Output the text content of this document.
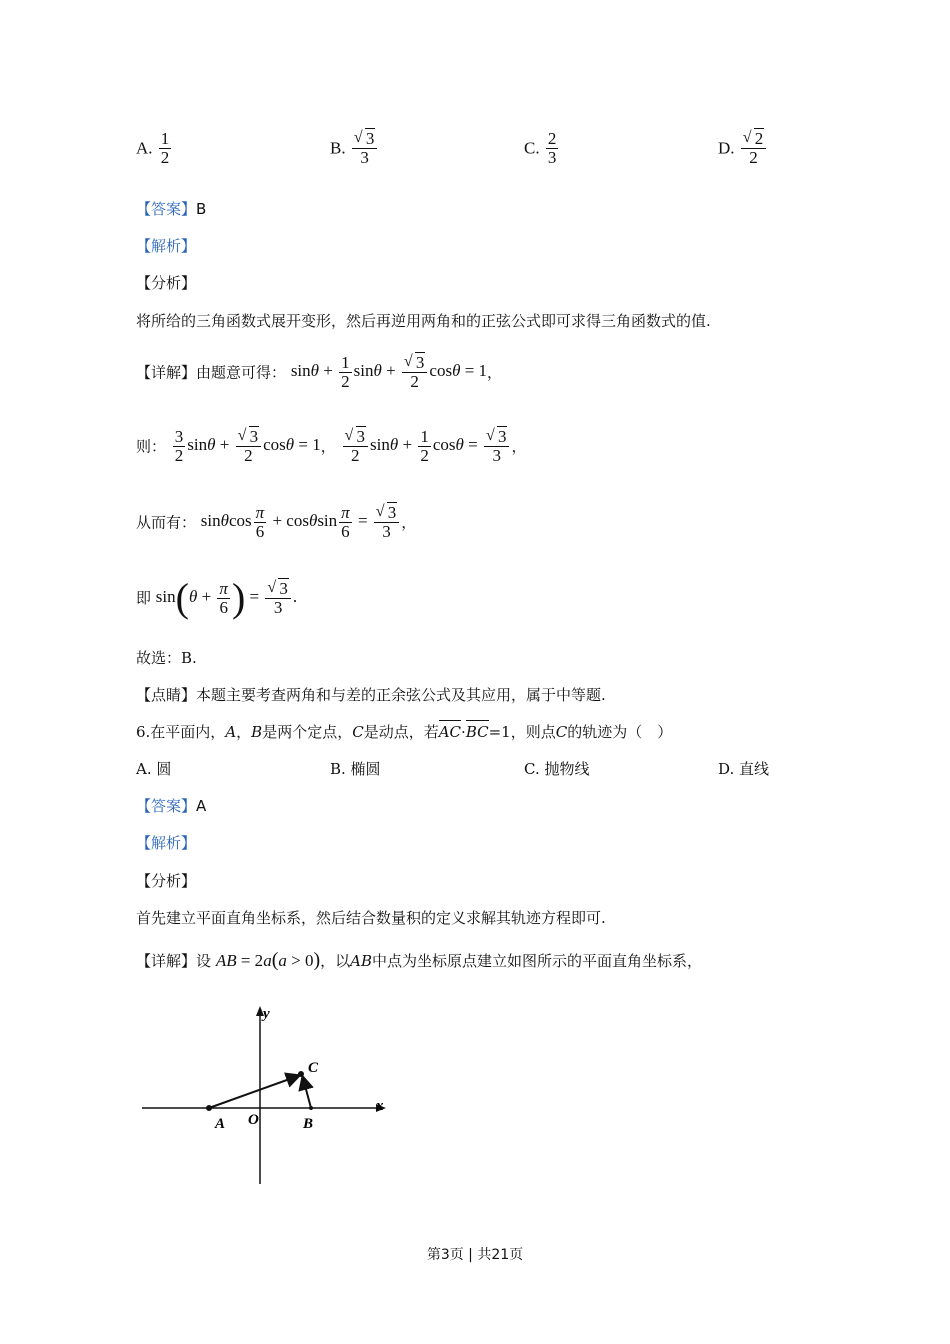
A. $\frac{1}{2}$	B. $\frac{√ 3}{3}$	C. $\frac{2}{3}$	D. $\frac{√ 2}{2}$
【答案】B
【解析】
【分析】
将所给的三角函数式展开变形，然后再逆用两角和的正弦公式即可求得三角函数式的值.
【详解】由题意可得： $\sin\theta + \frac{1}{2}$ $\sin\theta + \frac{√ 3}{2}$ cosθ = 1，
则： $\frac{3}{2}$ $\sin\theta + \frac{√ 3}{2}$ cosθ = 1， $\frac{√ 3}{2}$ $\sin\theta + \frac{1}{2}$ $\cos\theta = \frac{√ 3}{3}$ ，
从而有： sinθcos $\frac{\pi}{6} + \cos\theta\sin \frac{\pi}{6} = \frac{√ 3}{3}$ ，
即 $\sin(\theta + \frac{\pi}{6}$ ) = $\frac{√ 3}{3}$ .
故选：B.
【点睛】本题主要考查两角和与差的正余弦公式及其应用，属于中等题.
6.在平面内，A，B是两个定点，C是动点，若AC·BC=1，则点C的轨迹为（　）
A. 圆	B. 椭圆	C. 抛物线	D. 直线
【答案】A
【解析】
【分析】
首先建立平面直角坐标系，然后结合数量积的定义求解其轨迹方程即可.
【详解】设 AB = 2a(a > 0)，以AB中点为坐标原点建立如图所示的平面直角坐标系，
y
x
O
A	B
C
第3页 | 共21页
